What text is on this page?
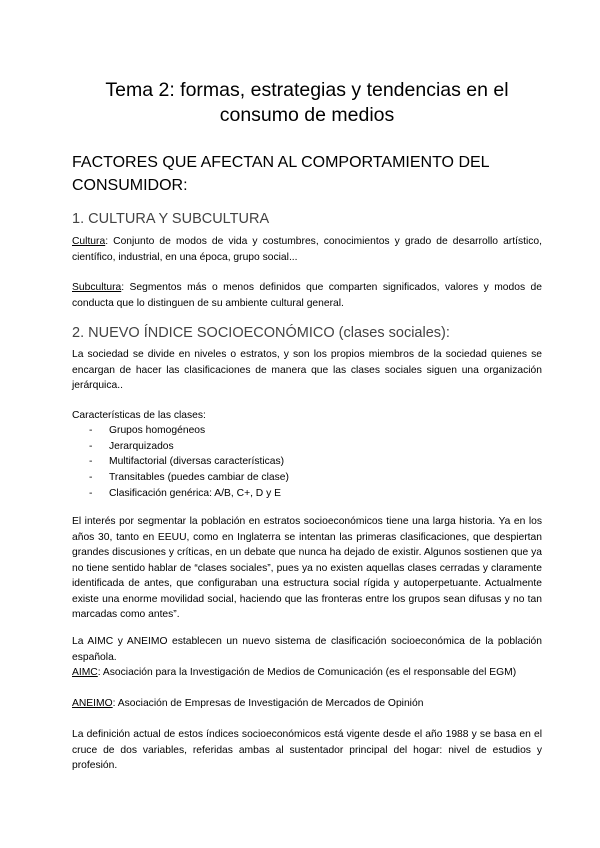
Tema 2: formas, estrategias y tendencias en el
consumo de medios
FACTORES QUE AFECTAN AL COMPORTAMIENTO DEL
CONSUMIDOR:
1. CULTURA Y SUBCULTURA

Cultura: Conjunto de modos de vida y costumbres, conocimientos y grado de desarrollo artístico, científico, industrial, en una época, grupo social...

Subcultura: Segmentos más o menos definidos que comparten significados, valores y modos de conducta que lo distinguen de su ambiente cultural general.

2. NUEVO ÍNDICE SOCIOECONÓMICO (clases sociales):

La sociedad se divide en niveles o estratos, y son los propios miembros de la sociedad quienes se encargan de hacer las clasificaciones de manera que las clases sociales siguen una organización jerárquica..

Características de las clases:

- Grupos homogéneos
- Jerarquizados
- Multifactorial (diversas características)
- Transitables (puedes cambiar de clase)
- Clasificación genérica: A/B, C+, D y E

El interés por segmentar la población en estratos socioeconómicos tiene una larga historia. Ya en los años 30, tanto en EEUU, como en Inglaterra se intentan las primeras clasificaciones, que despiertan grandes discusiones y críticas, en un debate que nunca ha dejado de existir. Algunos sostienen que ya no tiene sentido hablar de “clases sociales”, pues ya no existen aquellas clases cerradas y claramente identificada de antes, que configuraban una estructura social rígida y autoperpetuante. Actualmente existe una enorme movilidad social, haciendo que las fronteras entre los grupos sean difusas y no tan marcadas como antes”.

La AIMC y ANEIMO establecen un nuevo sistema de clasificación socioeconómica de la población española.

AIMC: Asociación para la Investigación de Medios de Comunicación (es el responsable del EGM)

ANEIMO: Asociación de Empresas de Investigación de Mercados de Opinión

La definición actual de estos índices socioeconómicos está vigente desde el año 1988 y se basa en el cruce de dos variables, referidas ambas al sustentador principal del hogar: nivel de estudios y profesión.
